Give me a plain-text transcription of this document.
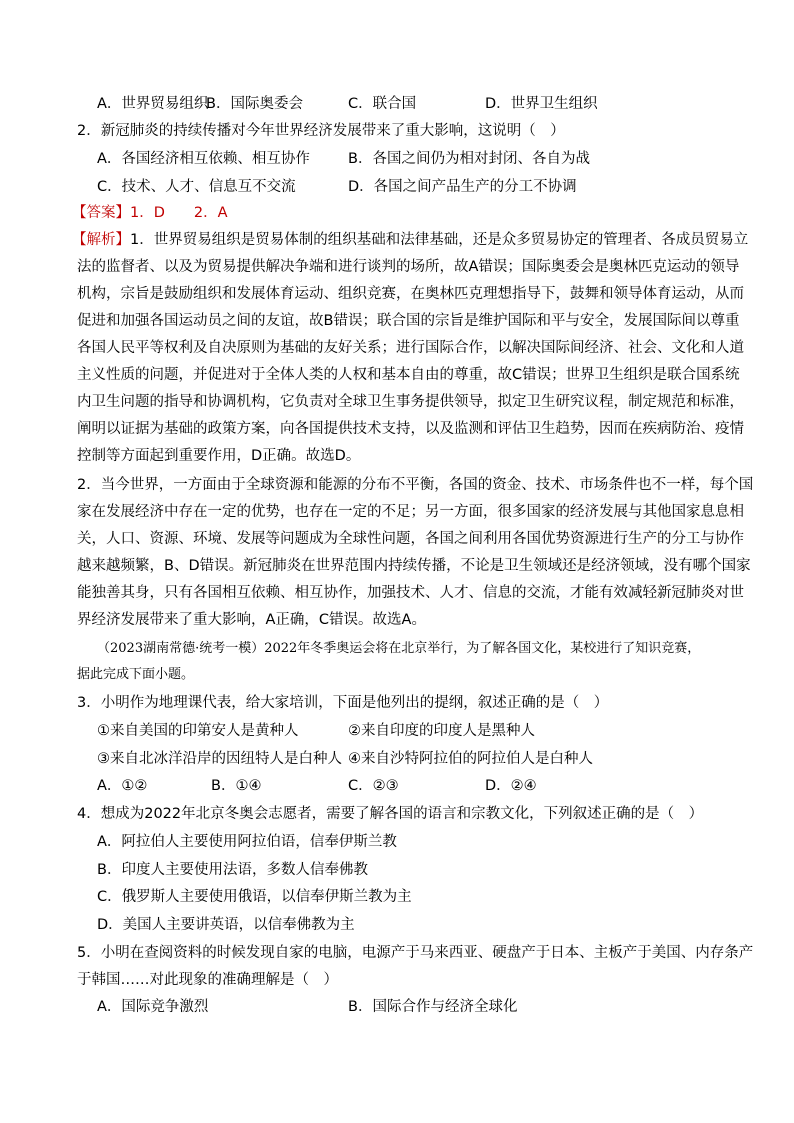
A．世界贸易组织
B．国际奥委会	C．联合国	D．世界卫生组织
2．新冠肺炎的持续传播对今年世界经济发展带来了重大影响，这说明（　）
A．各国经济相互依赖、相互协作	B．各国之间仍为相对封闭、各自为战
C．技术、人才、信息互不交流	D．各国之间产品生产的分工不协调
【答案】1．D　　2．A
【解析】1．世界贸易组织是贸易体制的组织基础和法律基础，还是众多贸易协定的管理者、各成员贸易立
法的监督者、以及为贸易提供解决争端和进行谈判的场所，故A错误；国际奥委会是奥林匹克运动的领导
机构，宗旨是鼓励组织和发展体育运动、组织竞赛，在奥林匹克理想指导下，鼓舞和领导体育运动，从而
促进和加强各国运动员之间的友谊，故B错误；联合国的宗旨是维护国际和平与安全，发展国际间以尊重
各国人民平等权利及自决原则为基础的友好关系；进行国际合作，以解决国际间经济、社会、文化和人道
主义性质的问题，并促进对于全体人类的人权和基本自由的尊重，故C错误；世界卫生组织是联合国系统
内卫生问题的指导和协调机构，它负责对全球卫生事务提供领导，拟定卫生研究议程，制定规范和标准，
阐明以证据为基础的政策方案，向各国提供技术支持，以及监测和评估卫生趋势，因而在疾病防治、疫情
控制等方面起到重要作用，D正确。故选D。
2．当今世界，一方面由于全球资源和能源的分布不平衡，各国的资金、技术、市场条件也不一样，每个国
家在发展经济中存在一定的优势，也存在一定的不足；另一方面，很多国家的经济发展与其他国家息息相
关，人口、资源、环境、发展等问题成为全球性问题，各国之间利用各国优势资源进行生产的分工与协作
越来越频繁，B、D错误。新冠肺炎在世界范围内持续传播，不论是卫生领域还是经济领域，没有哪个国家
能独善其身，只有各国相互依赖、相互协作，加强技术、人才、信息的交流，才能有效减轻新冠肺炎对世
界经济发展带来了重大影响，A正确，C错误。故选A。
（2023湖南常德·统考一模）2022年冬季奥运会将在北京举行，为了解各国文化，某校进行了知识竞赛，
据此完成下面小题。
3．小明作为地理课代表，给大家培训，下面是他列出的提纲，叙述正确的是（　）
①来自美国的印第安人是黄种人	②来自印度的印度人是黑种人
③来自北冰洋沿岸的因纽特人是白种人 ④来自沙特阿拉伯的阿拉伯人是白种人
A．①②	B．①④	C．②③	D．②④
4．想成为2022年北京冬奥会志愿者，需要了解各国的语言和宗教文化，下列叙述正确的是（　）
A．阿拉伯人主要使用阿拉伯语，信奉伊斯兰教
B．印度人主要使用法语，多数人信奉佛教
C．俄罗斯人主要使用俄语，以信奉伊斯兰教为主
D．美国人主要讲英语，以信奉佛教为主
5．小明在查阅资料的时候发现自家的电脑，电源产于马来西亚、硬盘产于日本、主板产于美国、内存条产
于韩国……对此现象的准确理解是（　）
A．国际竞争激烈	B．国际合作与经济全球化
